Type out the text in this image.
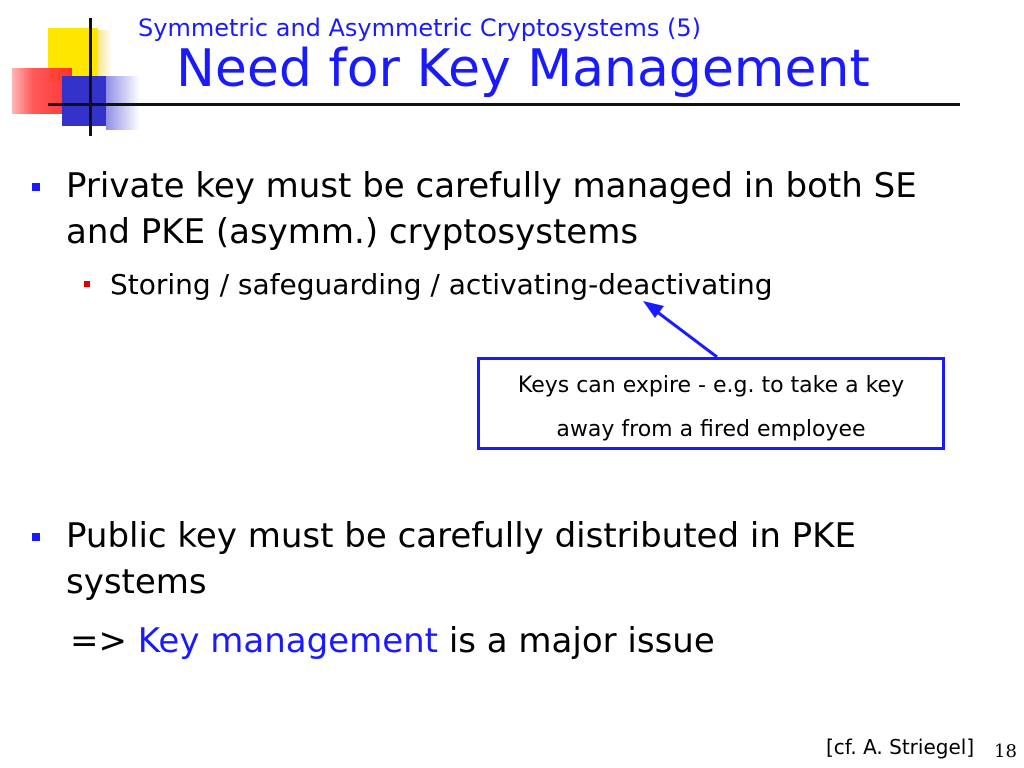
Symmetric and Asymmetric Cryptosystems (5)
Need for Key Management
Private key must be carefully managed in both SE
and PKE (asymm.) cryptosystems
Storing / safeguarding / activating-deactivating
Keys can expire - e.g. to take a key
away from a fired employee
Public key must be carefully distributed in PKE
systems
=> Key management is a major issue
[cf. A. Striegel] 18
